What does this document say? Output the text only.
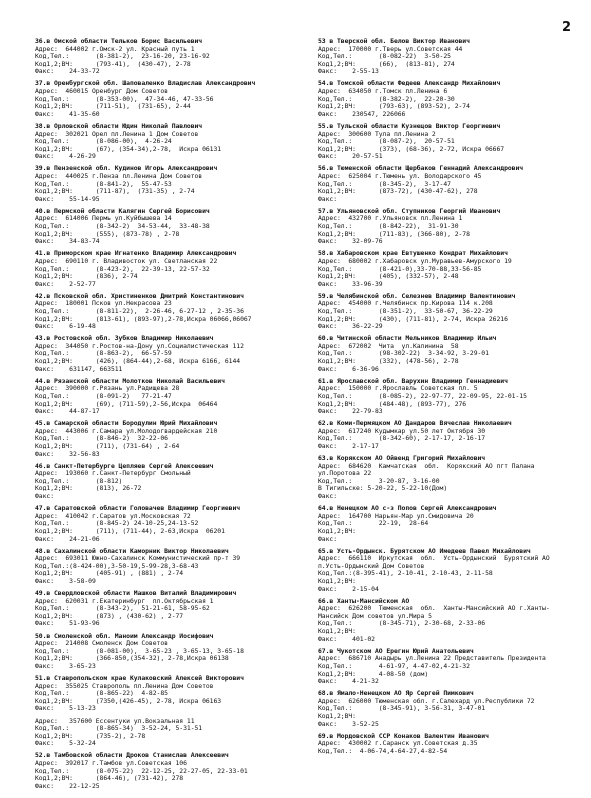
2
36.в Омской области Тельков Борис Васильевич
Адрес:  644002 г.Омск-2 ул. Красный путь 1
Код,Тел.:       (8-381-2),  23-16-20, 23-16-92
Код1,2;ВЧ:      (793-41),  (430-47), 2-78
Факс:    24-33-72
37.в Оренбургской обл. Шаповаленко Владислав Александрович
Адрес:  460015 Оренбург Дом Советов
Код,Тел.:       (8-353-00),  47-34-46, 47-33-56
Код1,2;ВЧ:      (711-51),  (731-65), 2-44
Факс:    41-35-60
38.в Орловской области Юдин Николай Павлович
Адрес:  302021 Орел пл.Ленина 1 Дом Советов
Код,Тел.:       (8-086-00),  4-26-24
Код1,2;ВЧ:      (67), (354-34),2-78,  Искра 06131
Факс:    4-26-29
39.в Пензенской обл. Кудинов Игорь Александрович
Адрес:  440025 г.Пенза пл.Ленина Дом Советов
Код,Тел.:       (8-841-2),  55-47-53
Код1,2;ВЧ:      (711-87),  (731-35) , 2-74
Факс:    55-14-95
40.в Пермской области Калягин Сергей Борисович
Адрес:  614006 Пермь ул.Куйбышева 14
Код,Тел.:       (8-342-2)  34-53-44,  33-48-38
Код1,2;ВЧ:      (555), (873-78) , 2-78
Факс:    34-83-74
41.в Приморском крае Игнатенко Владимир Александрович
Адрес:  690110 г. Владивосток ул. Светланская 22
Код,Тел.:       (8-423-2),  22-39-13, 22-57-32
Код1,2;ВЧ:      (836), 2-74
Факс:    2-52-77
42.в Псковской обл. Христиненков Дмитрий Константинович
Адрес:  180001 Псков ул.Некрасова 23
Код,Тел.:       (8-811-22),  2-26-46, 6-27-12 , 2-35-36
Код1,2;ВЧ:      (813-61), (893-97),2-78,Искра 06066,06067
Факс:    6-19-48
43.в Ростовской обл. Зубков Владимир Николаевич
Адрес:  344050 г.Ростов-на-Дону ул.Социалистическая 112
Код,Тел.:       (8-863-2),  66-57-59
Код1,2;ВЧ:      (426), (864-44),2-68, Искра 6166, 6144
Факс:    631147, 663511
44.в Рязанской области Молотков Николай Васильевич
Адрес:  390000 г.Рязань ул.Радищева 28
Код,Тел.:       (8-091-2)   77-21-47
Код1,2;ВЧ:      (69), (711-59),2-56,Искра  06464
Факс:    44-87-17
45.в Самарской области Бородулин Юрий Михайлович
Адрес:  443006 г.Самара ул.Молодогвардейская 210
Код,Тел.:       (8-846-2)  32-22-06
Код1,2;ВЧ:      (711), (731-64) , 2-64
Факс:    32-56-83
46.в Санкт-Петербурге Цепляев Сергей Алексеевич
Адрес:  193060 г.Санкт-Петербург Смольный
Код,Тел.:       (8-812)
Код1,2;ВЧ:      (813), 26-72
Факс:
47.в Саратовской области Головачев Владимир Георгиевич
Адрес:  410042 г.Саратов ул.Московская 72
Код,Тел.:       (8-845-2) 24-10-25,24-13-52
Код1,2;ВЧ:      (711), (711-44), 2-63,Искра  06201
Факс:    24-21-06
48.в Сахалинской области Каморник Виктор Николаевич
Адрес:  693011 Южно-Сахалинск Коммунистический пр-т 39
Код,Тел.:(8-424-00),3-50-19,5-99-28,3-68-43
Код1,2;ВЧ:      (405-91) , (881) , 2-74
Факс:    3-58-09
49.в Свердловской области Машков Виталий Владимирович
Адрес:  620031 г.Екатеринбург  пл.Октябрьская 1
Код,Тел.:       (8-343-2),  51-21-61, 58-95-62
Код1,2;ВЧ:      (873) , (430-62) , 2-77
Факс:    51-93-96
50.в Смоленской обл. Маноим Александр Иосифович
Адрес:  214008 Смоленск Дом Советов
Код,Тел.:       (8-081-00),  3-65-23 , 3-65-13, 3-65-18
Код1,2;ВЧ:      (366-850,(354-32), 2-78,Искра 06138
Факс:    3-65-23
51.в Ставропольском крае Кулаковский Алексей Викторович
Адрес:  355025 Ставрополь пл.Ленина Дом Советов
Код,Тел.:       (8-865-22)  4-82-85
Код1,2;ВЧ:      (7350,(426-45), 2-78, Искра 06163
Факс:    5-13-23
Адрес:   357600 Ессентуки ул.Вокзальная 11
Код,Тел.:       (8-865-34)  3-52-24, 5-31-51
Код1,2;ВЧ:      (735-2), 2-78
Факс:    5-32-24
52.в Тамбовской области Дроков Станислав Алексеевич
Адрес:  392017 г.Тамбов ул.Советская 106
Код,Тел.:       (8-075-22)  22-12-25, 22-27-05, 22-33-01
Код1,2;ВЧ:      (864-46), (731-42), 278
Факс:    22-12-25
53 в Тверской обл. Белов Виктор Иванович
Адрес:  170000 г.Тверь ул.Советская 44
Код,Тел.:       (8-082-22)  3-50-25
Код1,2;ВЧ:      (66),  (813-81), 274
Факс:    2-55-13
54.в Томской области Федеев Александр Михайлович
Адрес:  634050 г.Томск пл.Ленина 6
Код,Тел.:       (8-382-2),  22-20-30
Код1,2;ВЧ:      (793-63), (893-52), 2-74
Факс:    230547, 226066
55.в Тульской области Кузнецов Виктор Георгиевич
Адрес:  300600 Тула пл.Ленина 2
Код,Тел.:       (8-087-2),  20-57-51
Код1,2;ВЧ:      (373), (68-36), 2-72, Искра 06667
Факс:    20-57-51
56.в Тюменской области Щербаков Геннадий Александрович
Адрес:  625004 г.Тюмень ул. Володарского 45
Код,Тел.:       (8-345-2),  3-17-47
Код1,2;ВЧ:      (873-72), (430-47-62), 278
Факс:
57.в Ульяновской обл. Ступников Георгий Иванович
Адрес:  432700 г.Ульяновск пл.Ленина 1
Код,Тел.:       (8-842-22),  31-91-30
Код1,2;ВЧ:      (711-83), (366-80), 2-78
Факс:    32-09-76
58.в Хабаровском крае Евтушенко Кондрат Михайлович
Адрес:  680002 г.Хабаровск ул.Муравьев-Амурского 19
Код,Тел.:       (8-421-0),33-70-88,33-56-85
Код1,2;ВЧ:      (405), (332-57), 2-48
Факс:    33-96-39
59.в Челябинской обл. Селезнев Владимир Валентинович
Адрес:  454000 г.Челябинск пр.Кирова 114 к.208
Код,Тел.:       (8-351-2),  33-50-67, 36-22-29
Код1,2;ВЧ:      (430), (711-81), 2-74, Искра 26216
Факс:    36-22-29
60.в Читинской области Мельников Владимир Ильич
Адрес:  672002  Чита  ул.Калинина  58
Код,Тел.:       (98-302-22)  3-34-92, 3-29-01
Код1,2;ВЧ:      (332), (478-56), 2-78
Факс:    6-36-96
61.в Ярославской обл. Варухин Владимир Геннадиевич
Адрес:  150000 г.Ярославль Советская пл. 5
Код,Тел.:       (8-085-2), 22-97-77, 22-09-95, 22-01-15
Код1,2;ВЧ:      (484-48), (893-77), 276
Факс:    22-79-83
62.в Коми-Пермяцком АО Дандаров Вячеслав Николаевич
Адрес:  617240 Кудымкар ул.50 лет Октября 30
Код,Тел.:       (8-342-60), 2-17-17, 2-16-17
Факс:    2-17-17
63.в Корякском АО Ойвенд Григорий Михайлович
Адрес:  684620  Камчатская  обл.  Корякский АО пгт Палана
ул.Поротова 22
Код,Тел.:       3-20-87, 3-16-00
В Тигильске: 5-20-22, 5-22-10(Дом)
Факс:
64.в Ненецком АО с-з Попов Сергей Александрович
Адрес:  164700 Нарьян-Мар ул.Смидовича 20
Код,Тел.:       22-19,  28-64
Код1,2;ВЧ:
Факс:
65.в Усть-Ордынск. Бурятском АО Имедеев Павел Михайлович
Адрес:  666110  Иркутская  обл.  Усть-Ордынский  Бурятский АО
п.Усть-Ордынский Дом Советов
Код,Тел.:(8-395-41), 2-10-41, 2-10-43, 2-11-58
Код1,2;ВЧ:
Факс:    2-15-04
66.в Ханты-Мансийском АО
Адрес:  626200  Тюменская  обл.  Ханты-Мансийский АО г.Ханты-
Мансийск Дом советов ул.Мира 5
Код,Тел.:       (8-345-71), 2-30-68, 2-33-06
Код1,2;ВЧ:
Факс:    401-02
67.в Чукотском АО Ерегин Юрий Анатольевич
Адрес:  686710 Анадырь ул.Ленина 22 Представитель Президента
Код,Тел.:       4-61-97, 4-47-02,4-21-32
Код1,2;ВЧ:      4-08-50 (дом)
Факс:    4-21-32
68.в Ямало-Ненецком АО Яр Сергей Пимкович
Адрес:  626000 Тюменская обл. г.Салехард ул.Республики 72
Код,Тел.:       (8-345-91), 3-56-31, 3-47-01
Код1,2;ВЧ:
Факс:    3-52-25
69.в Мордовской ССР Конаков Валентин Иванович
Адрес:  430002 г.Саранск ул.Советская д.35
Код,Тел.:  4-06-74,4-64-27,4-82-54
